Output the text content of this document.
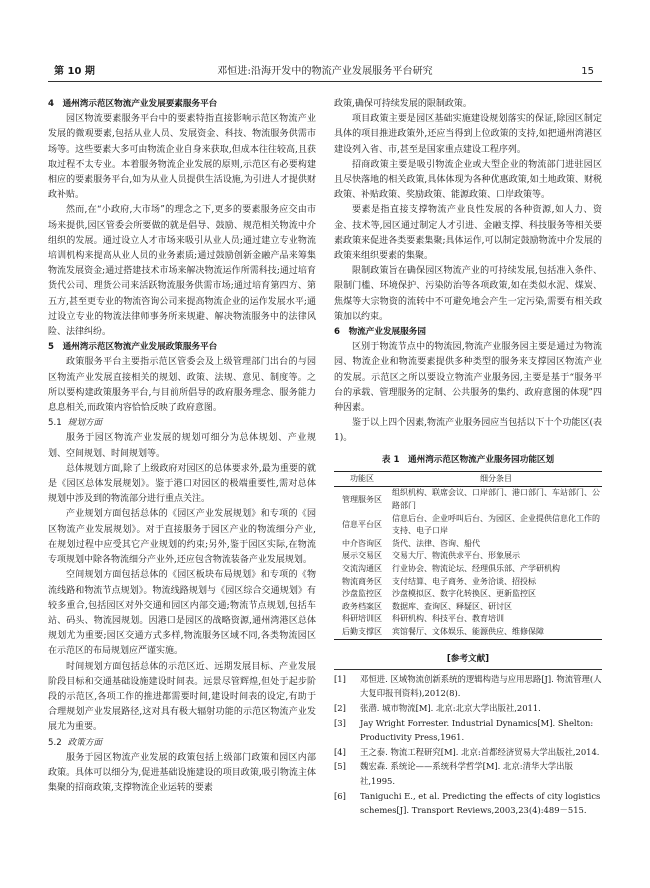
第 10 期	邓恒进:沿海开发中的物流产业发展服务平台研究	15
4　通州湾示范区物流产业发展要素服务平台
园区物流要素服务平台中的要素特指直接影响示范区物流产业发展的微观要素,包括从业人员、发展资金、科技、物流服务供需市场等。这些要素大多可由物流企业自身来获取,但成本往往较高,且获取过程不太专业。本着服务物流企业发展的原则,示范区有必要构建相应的要素服务平台,如为从业人员提供生活设施,为引进人才提供财政补贴。
然而,在“小政府,大市场”的理念之下,更多的要素服务应交由市场来提供,园区管委会所要做的就是倡导、鼓励、规范相关物流中介组织的发展。通过设立人才市场来吸引从业人员;通过建立专业物流培训机构来提高从业人员的业务素质;通过鼓励创新金融产品来筹集物流发展资金;通过搭建技术市场来解决物流运作所需科技;通过培育货代公司、理货公司来活跃物流服务供需市场;通过培育第四方、第五方,甚至更专业的物流咨询公司来提高物流企业的运作发展水平;通过设立专业的物流法律师事务所来规避、解决物流服务中的法律风险、法律纠纷。
5　通州湾示范区物流产业发展政策服务平台
政策服务平台主要指示范区管委会及上级管理部门出台的与园区物流产业发展直接相关的规划、政策、法规、意见、制度等。之所以要构建政策服务平台,与目前所倡导的政府服务理念、服务能力息息相关,而政策内容恰恰反映了政府意图。
5.1 规划方面
服务于园区物流产业发展的规划可细分为总体规划、产业规划、空间规划、时间规划等。
总体规划方面,除了上级政府对园区的总体要求外,最为重要的就是《园区总体发展规划》。鉴于港口对园区的极端重要性,需对总体规划中涉及到的物流部分进行重点关注。
产业规划方面包括总体的《园区产业发展规划》和专项的《园区物流产业发展规划》。对于直接服务于园区产业的物流细分产业,在规划过程中应受其它产业规划的约束;另外,鉴于园区实际,在物流专项规划中除各物流细分产业外,还应包含物流装备产业发展规划。
空间规划方面包括总体的《园区板块布局规划》和专项的《物流线路和物流节点规划》。物流线路规划与《园区综合交通规划》有较多重合,包括园区对外交通和园区内部交通;物流节点规划,包括车站、码头、物流园规划。因港口是园区的战略资源,通州湾港区总体规划尤为重要;园区交通方式多样,物流服务区域不同,各类物流园区在示范区的布局规划应严谨实施。
时间规划方面包括总体的示范区近、远期发展目标、产业发展阶段目标和交通基础设施建设时间表。远景尽管辉煌,但处于起步阶段的示范区,各项工作的推进都需要时间,建设时间表的设定,有助于合理规划产业发展路径,这对具有极大辐射功能的示范区物流产业发展尤为重要。
5.2 政策方面
服务于园区物流产业发展的政策包括上级部门政策和园区内部政策。具体可以细分为,促进基础设施建设的项目政策,吸引物流主体集聚的招商政策,支撑物流企业运转的要素
政策,确保可持续发展的限制政策。
项目政策主要是园区基础实施建设规划落实的保证,除园区制定具体的项目推进政策外,还应当得到上位政策的支持,如把通州湾港区建设列入省、市,甚至是国家重点建设工程序列。
招商政策主要是吸引物流企业或大型企业的物流部门进驻园区且尽快落地的相关政策,具体体现为各种优惠政策,如土地政策、财税政策、补贴政策、奖励政策、能源政策、口岸政策等。
要素是指直接支撑物流产业良性发展的各种资源,如人力、资金、技术等,园区通过制定人才引进、金融支撑、科技服务等相关要素政策来促进各类要素集聚;具体运作,可以制定鼓励物流中介发展的政策来组织要素的集聚。
限制政策旨在确保园区物流产业的可持续发展,包括准入条件、限制门槛、环境保护、污染防治等各项政策,如在类似水泥、煤炭、焦煤等大宗物资的流转中不可避免地会产生一定污染,需要有相关政策加以约束。
6　物流产业发展服务园
区别于物流节点中的物流园,物流产业服务园主要是通过为物流园、物流企业和物流要素提供多种类型的服务来支撑园区物流产业的发展。示范区之所以要设立物流产业服务园,主要是基于“服务平台的承载、管理服务的定制、公共服务的集约、政府意图的体现”四种因素。
鉴于以上四个因素,物流产业服务园应当包括以下十个功能区(表1)。
表 1　通州湾示范区物流产业服务园功能区划
功能区	细分条目
管理服务区	组织机构、联席会议、口岸部门、港口部门、车站部门、公路部门
信息平台区	信息后台、企业呼叫后台、为园区、企业提供信息化工作的支持、电子口岸
中介咨询区	货代、法律、咨询、船代
展示交易区	交易大厅、物流供求平台、形象展示
交流沟通区	行业协会、物流论坛、经理俱乐部、产学研机构
物流商务区	支付结算、电子商务、业务洽谈、招投标
沙盘监控区	沙盘模拟区、数字化转换区、更新监控区
政务档案区	数据库、查询区、释疑区、研讨区
科研培训区	科研机构、科技平台、教育培训
后勤支撑区	宾馆餐厅、文体娱乐、能源供应、维修保障
[参考文献]
[1] 邓恒进. 区域物流创新系统的逻辑构造与应用思路[J]. 物流管理(人大复印报刊资料),2012(8).
[2] 张潜. 城市物流[M]. 北京:北京大学出版社,2011.
[3] Jay Wright Forrester. Industrial Dynamics[M]. Shelton: Productivity Press,1961.
[4] 王之泰. 物流工程研究[M]. 北京:首都经济贸易大学出版社,2014.
[5] 魏宏森. 系统论——系统科学哲学[M]. 北京:清华大学出版社,1995.
[6] Taniguchi E., et al. Predicting the effects of city logistics schemes[J]. Transport Reviews,2003,23(4):489－515.
